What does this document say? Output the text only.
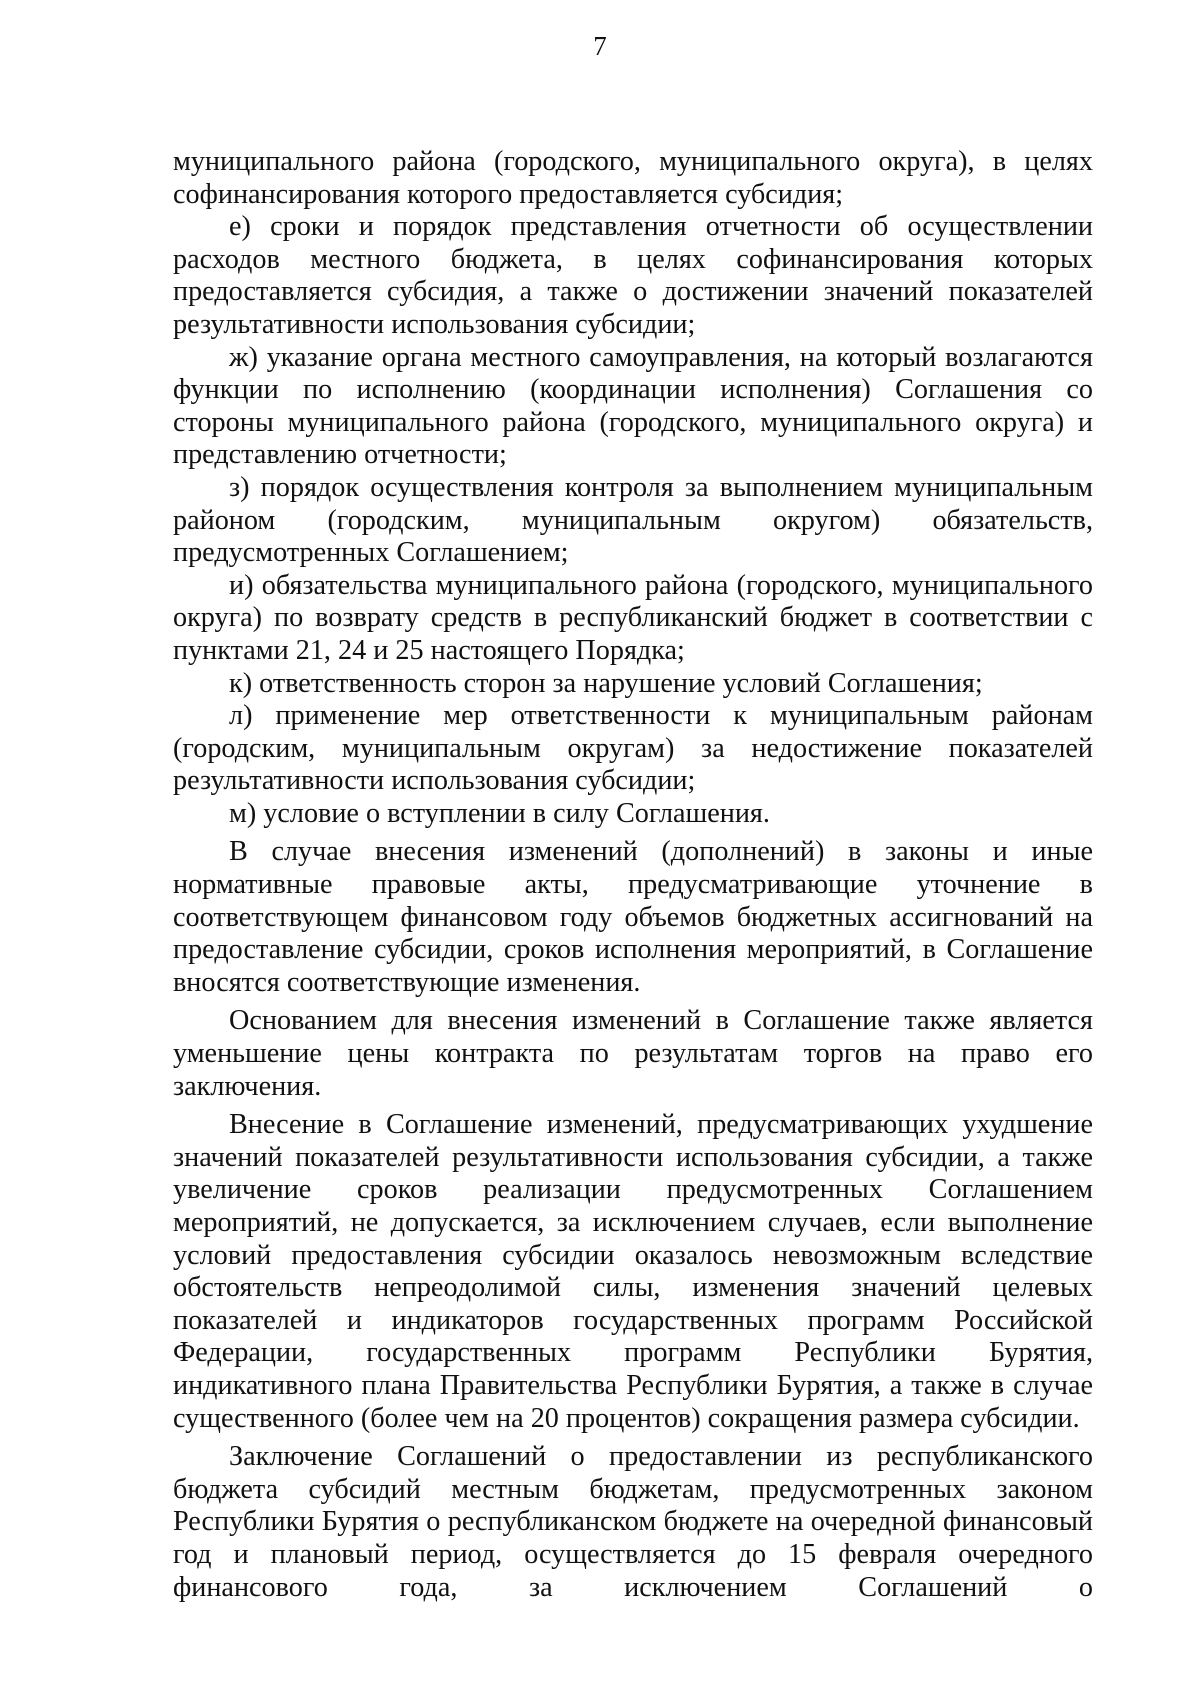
7

муниципального района (городского, муниципального округа), в целях софинансирования которого предоставляется субсидия;

е) сроки и порядок представления отчетности об осуществлении расходов местного бюджета, в целях софинансирования которых предоставляется субсидия, а также о достижении значений показателей результативности использования субсидии;

ж) указание органа местного самоуправления, на который возлагаются функции по исполнению (координации исполнения) Соглашения со стороны муниципального района (городского, муниципального округа) и представлению отчетности;

з) порядок осуществления контроля за выполнением муниципальным районом (городским, муниципальным округом) обязательств, предусмотренных Соглашением;

и) обязательства муниципального района (городского, муниципального округа) по возврату средств в республиканский бюджет в соответствии с пунктами 21, 24 и 25 настоящего Порядка;

к) ответственность сторон за нарушение условий Соглашения;

л) применение мер ответственности к муниципальным районам (городским, муниципальным округам) за недостижение показателей результативности использования субсидии;

м) условие о вступлении в силу Соглашения.

В случае внесения изменений (дополнений) в законы и иные нормативные правовые акты, предусматривающие уточнение в соответствующем финансовом году объемов бюджетных ассигнований на предоставление субсидии, сроков исполнения мероприятий, в Соглашение вносятся соответствующие изменения.

Основанием для внесения изменений в Соглашение также является уменьшение цены контракта по результатам торгов на право его заключения.

Внесение в Соглашение изменений, предусматривающих ухудшение значений показателей результативности использования субсидии, а также увеличение сроков реализации предусмотренных Соглашением мероприятий, не допускается, за исключением случаев, если выполнение условий предоставления субсидии оказалось невозможным вследствие обстоятельств непреодолимой силы, изменения значений целевых показателей и индикаторов государственных программ Российской Федерации, государственных программ Республики Бурятия, индикативного плана Правительства Республики Бурятия, а также в случае существенного (более чем на 20 процентов) сокращения размера субсидии.

Заключение Соглашений о предоставлении из республиканского бюджета субсидий местным бюджетам, предусмотренных законом Республики Бурятия о республиканском бюджете на очередной финансовый год и плановый период, осуществляется до 15 февраля очередного финансового года, за исключением Соглашений о
